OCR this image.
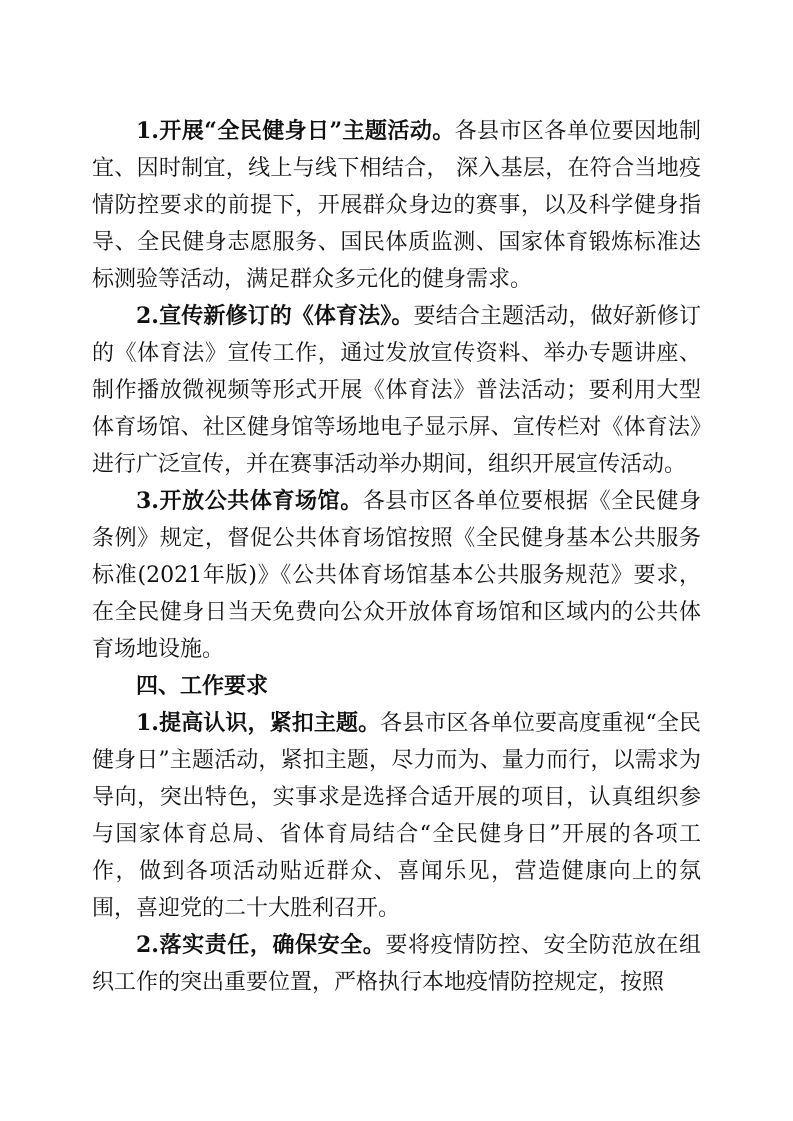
1.开展“全民健身日”主题活动。各县市区各单位要因地制宜、因时制宜，线上与线下相结合， 深入基层，在符合当地疫情防控要求的前提下，开展群众身边的赛事，以及科学健身指导、全民健身志愿服务、国民体质监测、国家体育锻炼标准达标测验等活动，满足群众多元化的健身需求。

2.宣传新修订的《体育法》。要结合主题活动，做好新修订的《体育法》宣传工作，通过发放宣传资料、举办专题讲座、制作播放微视频等形式开展《体育法》普法活动；要利用大型体育场馆、社区健身馆等场地电子显示屏、宣传栏对《体育法》进行广泛宣传，并在赛事活动举办期间，组织开展宣传活动。

3.开放公共体育场馆。各县市区各单位要根据《全民健身条例》规定，督促公共体育场馆按照《全民健身基本公共服务标准(2021年版)》《公共体育场馆基本公共服务规范》要求，在全民健身日当天免费向公众开放体育场馆和区域内的公共体育场地设施。

四、工作要求

1.提高认识，紧扣主题。各县市区各单位要高度重视“全民健身日”主题活动，紧扣主题，尽力而为、量力而行，以需求为导向，突出特色，实事求是选择合适开展的项目，认真组织参与国家体育总局、省体育局结合“全民健身日”开展的各项工作，做到各项活动贴近群众、喜闻乐见，营造健康向上的氛围，喜迎党的二十大胜利召开。

2.落实责任，确保安全。要将疫情防控、安全防范放在组织工作的突出重要位置，严格执行本地疫情防控规定，按照
